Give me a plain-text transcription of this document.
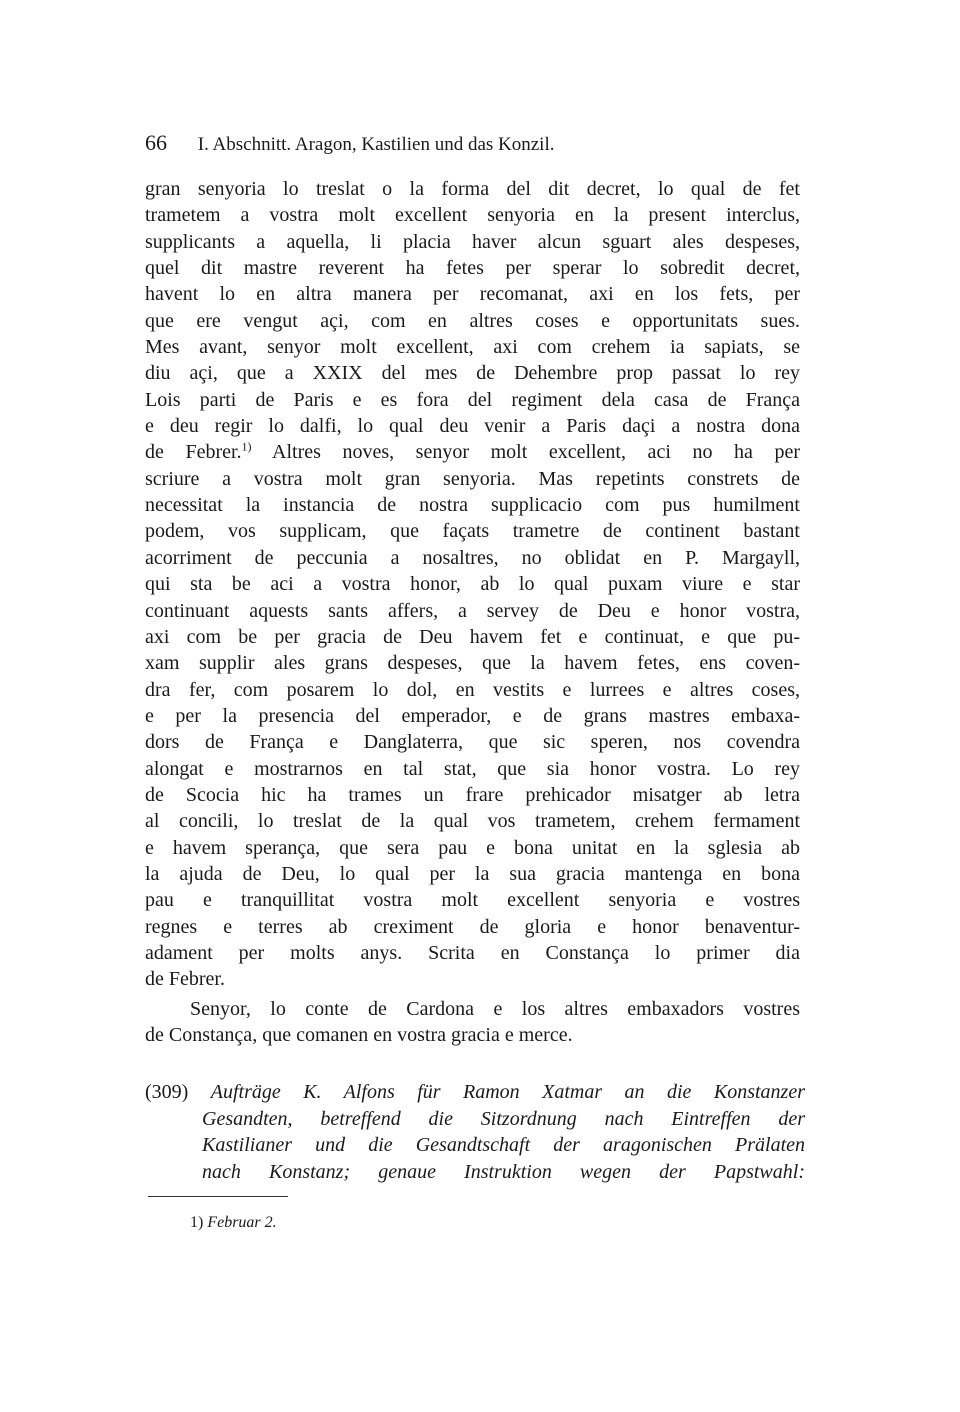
66 I. Abschnitt. Aragon, Kastilien und das Konzil.
gran senyoria lo treslat o la forma del dit decret, lo qual de fet
trametem a vostra molt excellent senyoria en la present interclus,
supplicants a aquella, li placia haver alcun sguart ales despeses,
quel dit mastre reverent ha fetes per sperar lo sobredit decret,
havent lo en altra manera per recomanat, axi en los fets, per
que ere vengut açi, com en altres coses e opportunitats sues.
Mes avant, senyor molt excellent, axi com crehem ia sapiats, se
diu açi, que a XXIX del mes de Dehembre prop passat lo rey
Lois parti de Paris e es fora del regiment dela casa de França
e deu regir lo dalfi, lo qual deu venir a Paris daçi a nostra dona
de Febrer.$^{1)}$ Altres noves, senyor molt excellent, aci no ha per
scriure a vostra molt gran senyoria. Mas repetints constrets de
necessitat la instancia de nostra supplicacio com pus humilment
podem, vos supplicam, que façats trametre de continent bastant
acorriment de peccunia a nosaltres, no oblidat en P. Margayll,
qui sta be aci a vostra honor, ab lo qual puxam viure e star
continuant aquests sants affers, a servey de Deu e honor vostra,
axi com be per gracia de Deu havem fet e continuat, e que pu-
xam supplir ales grans despeses, que la havem fetes, ens coven-
dra fer, com posarem lo dol, en vestits e lurrees e altres coses,
e per la presencia del emperador, e de grans mastres embaxa-
dors de França e Danglaterra, que sic speren, nos covendra
alongat e mostrarnos en tal stat, que sia honor vostra. Lo rey
de Scocia hic ha trames un frare prehicador misatger ab letra
al concili, lo treslat de la qual vos trametem, crehem fermament
e havem sperança, que sera pau e bona unitat en la sglesia ab
la ajuda de Deu, lo qual per la sua gracia mantenga en bona
pau e tranquillitat vostra molt excellent senyoria e vostres
regnes e terres ab creximent de gloria e honor benaventur-
adament per molts anys. Scrita en Constança lo primer dia
de Febrer.
Senyor, lo conte de Cardona e los altres embaxadors vostres
de Constança, que comanen en vostra gracia e merce.
(309) Aufträge K. Alfons für Ramon Xatmar an die Konstanzer
Gesandten, betreffend die Sitzordnung nach Eintreffen der
Kastilianer und die Gesandtschaft der aragonischen Prälaten
nach Konstanz; genaue Instruktion wegen der Papstwahl:
1) Februar 2.
